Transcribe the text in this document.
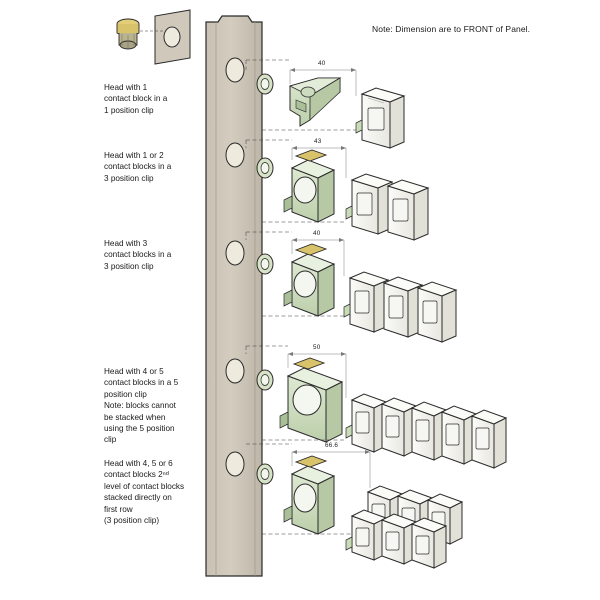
Note: Dimension are to FRONT of Panel.
Head with 1
contact block in a
1 position clip
Head with 1 or 2
contact blocks in a
3 position clip
Head with 3
contact blocks in a
3 position clip
Head with 4 or 5
contact blocks in a 5
position clip
Note: blocks cannot
be stacked when
using the 5 position
clip
Head with 4, 5 or 6
contact blocks 2ⁿᵈ
level of contact blocks
stacked directly on
first row
(3 position clip)
40
43
40
50
66.6
